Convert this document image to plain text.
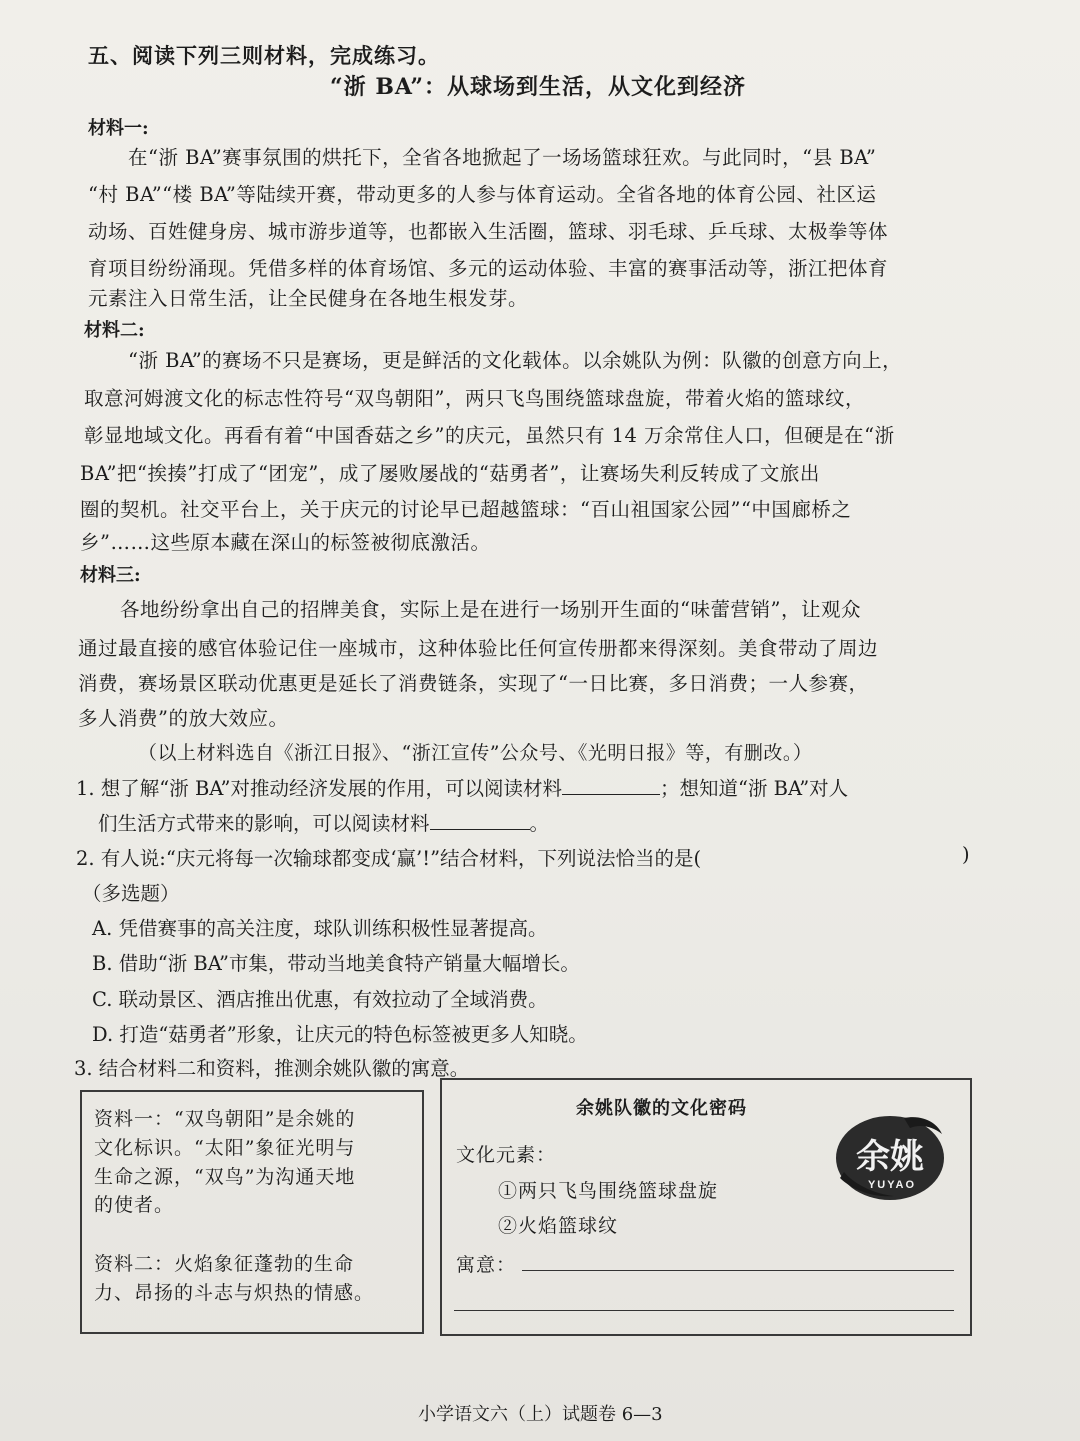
五、阅读下列三则材料，完成练习。
“浙 BA”：从球场到生活，从文化到经济
材料一:
在“浙 BA”赛事氛围的烘托下，全省各地掀起了一场场篮球狂欢。与此同时，“县 BA”
“村 BA”“楼 BA”等陆续开赛，带动更多的人参与体育运动。全省各地的体育公园、社区运
动场、百姓健身房、城市游步道等，也都嵌入生活圈，篮球、羽毛球、乒乓球、太极拳等体
育项目纷纷涌现。凭借多样的体育场馆、多元的运动体验、丰富的赛事活动等，浙江把体育
元素注入日常生活，让全民健身在各地生根发芽。
材料二:
“浙 BA”的赛场不只是赛场，更是鲜活的文化载体。以余姚队为例：队徽的创意方向上，
取意河姆渡文化的标志性符号“双鸟朝阳”，两只飞鸟围绕篮球盘旋，带着火焰的篮球纹，
彰显地域文化。再看有着“中国香菇之乡”的庆元，虽然只有 14 万余常住人口，但硬是在“浙
BA”把“挨揍”打成了“团宠”，成了屡败屡战的“菇勇者”，让赛场失利反转成了文旅出
圈的契机。社交平台上，关于庆元的讨论早已超越篮球：“百山祖国家公园”“中国廊桥之
乡”……这些原本藏在深山的标签被彻底激活。
材料三:
各地纷纷拿出自己的招牌美食，实际上是在进行一场别开生面的“味蕾营销”，让观众
通过最直接的感官体验记住一座城市，这种体验比任何宣传册都来得深刻。美食带动了周边
消费，赛场景区联动优惠更是延长了消费链条，实现了“一日比赛，多日消费；一人参赛，
多人消费”的放大效应。
（以上材料选自《浙江日报》、“浙江宣传”公众号、《光明日报》等，有删改。）
1. 想了解“浙 BA”对推动经济发展的作用，可以阅读材料	；想知道“浙 BA”对人
们生活方式带来的影响，可以阅读材料	。
2. 有人说:“庆元将每一次输球都变成‘赢’!”结合材料，下列说法恰当的是(	)
（多选题）
A. 凭借赛事的高关注度，球队训练积极性显著提高。
B. 借助“浙 BA”市集，带动当地美食特产销量大幅增长。
C. 联动景区、酒店推出优惠，有效拉动了全域消费。
D. 打造“菇勇者”形象，让庆元的特色标签被更多人知晓。
3. 结合材料二和资料，推测余姚队徽的寓意。
资料一：“双鸟朝阳”是余姚的
文化标识。“太阳”象征光明与
生命之源，“双鸟”为沟通天地
的使者。
资料二：火焰象征蓬勃的生命
力、昂扬的斗志与炽热的情感。
余姚队徽的文化密码
文化元素：
①两只飞鸟围绕篮球盘旋
②火焰篮球纹
寓意：
余姚
YUYAO
小学语文六（上）试题卷 6—3
